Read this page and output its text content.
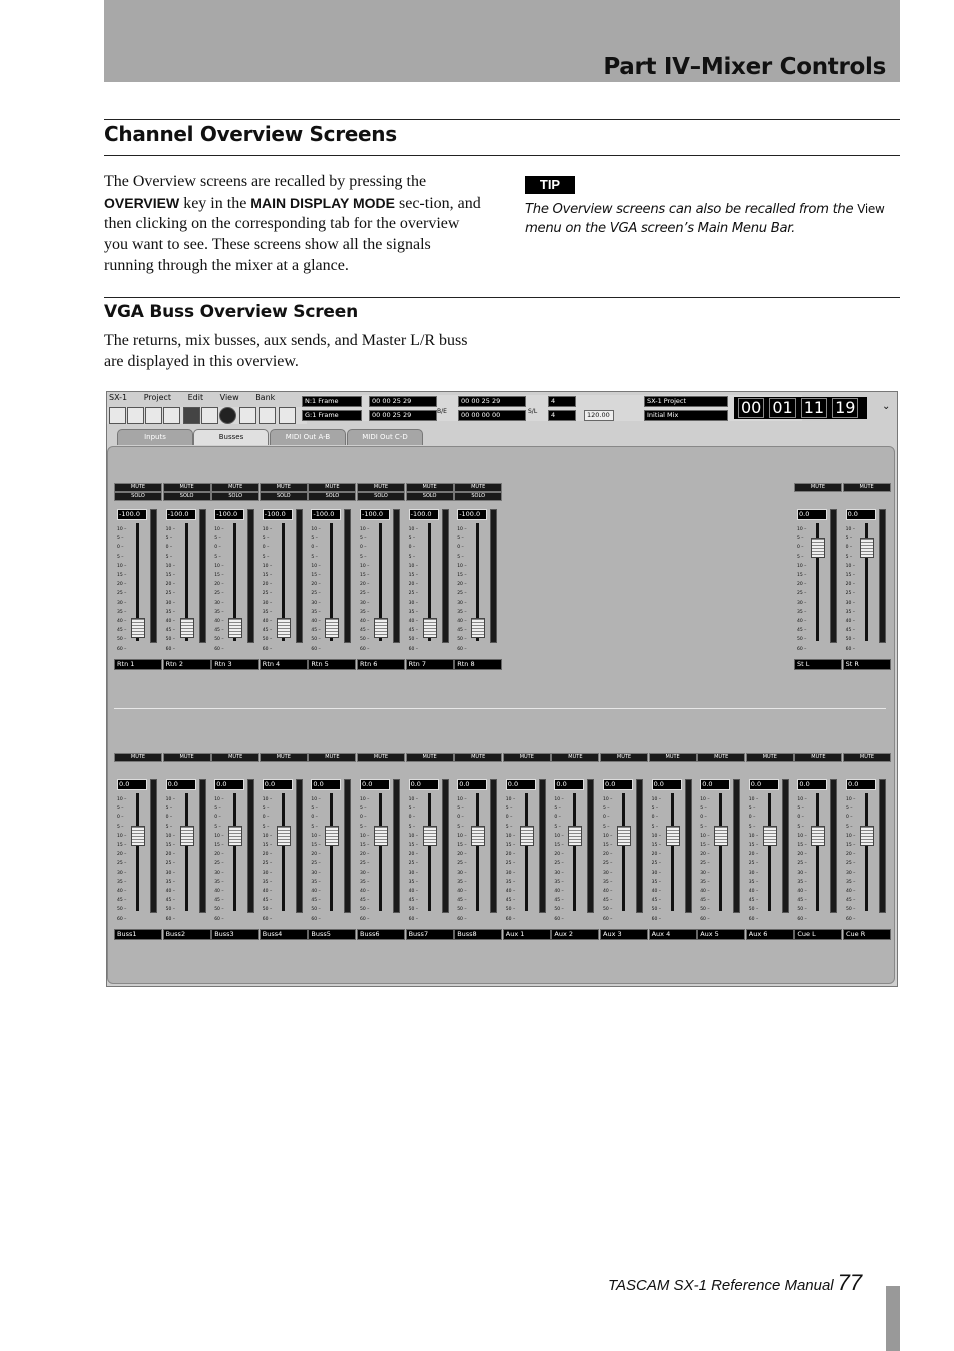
Part IV–Mixer Controls
Channel Overview Screens
The Overview screens are recalled by pressing the OVERVIEW key in the MAIN DISPLAY MODE sec-tion, and then clicking on the corresponding tab for the overview you want to see. These screens show all the signals running through the mixer at a glance.
TIP
The Overview screens can also be recalled from the View menu on the VGA screen’s Main Menu Bar.
VGA Buss Overview Screen
The returns, mix busses, aux sends, and Master L/R buss are displayed in this overview.
SX-1 Project Edit View Bank	N:1 Frame
G:1 Frame
00 00 25 29
00 00 25 29	B/E
00 00 25 29
00 00 00 00	S/L
4
4	120.00
SX-1 Project
Initial Mix	00 01 11 19	⌄
Inputs	Busses	MIDI Out A-B	MIDI Out C-D
MUTE
SOLO
-100.0
10 –
5 –
0 –
5 –
10 –
15 –
20 –
25 –
30 –
35 –
40 –
45 –
50 –
60 –
Rtn 1
MUTE
SOLO
-100.0
10 –
5 –
0 –
5 –
10 –
15 –
20 –
25 –
30 –
35 –
40 –
45 –
50 –
60 –
Rtn 2
MUTE
SOLO
-100.0
10 –
5 –
0 –
5 –
10 –
15 –
20 –
25 –
30 –
35 –
40 –
45 –
50 –
60 –
Rtn 3
MUTE
SOLO
-100.0
10 –
5 –
0 –
5 –
10 –
15 –
20 –
25 –
30 –
35 –
40 –
45 –
50 –
60 –
Rtn 4
MUTE
SOLO
-100.0
10 –
5 –
0 –
5 –
10 –
15 –
20 –
25 –
30 –
35 –
40 –
45 –
50 –
60 –
Rtn 5
MUTE
SOLO
-100.0
10 –
5 –
0 –
5 –
10 –
15 –
20 –
25 –
30 –
35 –
40 –
45 –
50 –
60 –
Rtn 6
MUTE
SOLO
-100.0
10 –
5 –
0 –
5 –
10 –
15 –
20 –
25 –
30 –
35 –
40 –
45 –
50 –
60 –
Rtn 7
MUTE
SOLO
-100.0
10 –
5 –
0 –
5 –
10 –
15 –
20 –
25 –
30 –
35 –
40 –
45 –
50 –
60 –
Rtn 8
MUTE
0.0
10 –
5 –
0 –
5 –
10 –
15 –
20 –
25 –
30 –
35 –
40 –
45 –
50 –
60 –
St L
MUTE
0.0
10 –
5 –
0 –
5 –
10 –
15 –
20 –
25 –
30 –
35 –
40 –
45 –
50 –
60 –
St R
MUTE
0.0
10 –
5 –
0 –
5 –
10 –
15 –
20 –
25 –
30 –
35 –
40 –
45 –
50 –
60 –
Buss1
MUTE
0.0
10 –
5 –
0 –
5 –
10 –
15 –
20 –
25 –
30 –
35 –
40 –
45 –
50 –
60 –
Buss2
MUTE
0.0
10 –
5 –
0 –
5 –
10 –
15 –
20 –
25 –
30 –
35 –
40 –
45 –
50 –
60 –
Buss3
MUTE
0.0
10 –
5 –
0 –
5 –
10 –
15 –
20 –
25 –
30 –
35 –
40 –
45 –
50 –
60 –
Buss4
MUTE
0.0
10 –
5 –
0 –
5 –
10 –
15 –
20 –
25 –
30 –
35 –
40 –
45 –
50 –
60 –
Buss5
MUTE
0.0
10 –
5 –
0 –
5 –
10 –
15 –
20 –
25 –
30 –
35 –
40 –
45 –
50 –
60 –
Buss6
MUTE
0.0
10 –
5 –
0 –
5 –
10 –
15 –
20 –
25 –
30 –
35 –
40 –
45 –
50 –
60 –
Buss7
MUTE
0.0
10 –
5 –
0 –
5 –
10 –
15 –
20 –
25 –
30 –
35 –
40 –
45 –
50 –
60 –
Buss8
MUTE
0.0
10 –
5 –
0 –
5 –
10 –
15 –
20 –
25 –
30 –
35 –
40 –
45 –
50 –
60 –
Aux 1
MUTE
0.0
10 –
5 –
0 –
5 –
10 –
15 –
20 –
25 –
30 –
35 –
40 –
45 –
50 –
60 –
Aux 2
MUTE
0.0
10 –
5 –
0 –
5 –
10 –
15 –
20 –
25 –
30 –
35 –
40 –
45 –
50 –
60 –
Aux 3
MUTE
0.0
10 –
5 –
0 –
5 –
10 –
15 –
20 –
25 –
30 –
35 –
40 –
45 –
50 –
60 –
Aux 4
MUTE
0.0
10 –
5 –
0 –
5 –
10 –
15 –
20 –
25 –
30 –
35 –
40 –
45 –
50 –
60 –
Aux 5
MUTE
0.0
10 –
5 –
0 –
5 –
10 –
15 –
20 –
25 –
30 –
35 –
40 –
45 –
50 –
60 –
Aux 6
MUTE
0.0
10 –
5 –
0 –
5 –
10 –
15 –
20 –
25 –
30 –
35 –
40 –
45 –
50 –
60 –
Cue L
MUTE
0.0
10 –
5 –
0 –
5 –
10 –
15 –
20 –
25 –
30 –
35 –
40 –
45 –
50 –
60 –
Cue R
TASCAM SX-1 Reference Manual 77
